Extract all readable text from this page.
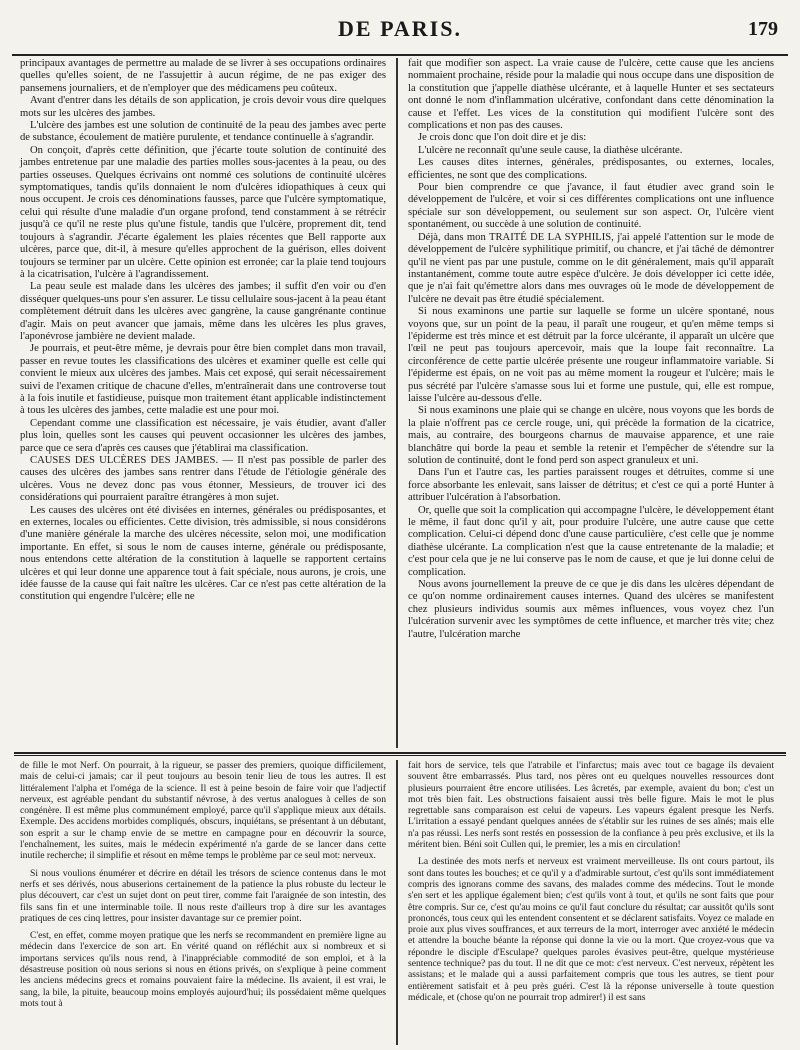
DE PARIS.	179

principaux avantages de permettre au malade de se livrer à ses occupations ordinaires quelles qu'elles soient, de ne l'assujettir à aucun régime, de ne pas exiger des pansemens journaliers, et de n'employer que des médicamens peu coûteux.

Avant d'entrer dans les détails de son application, je crois devoir vous dire quelques mots sur les ulcères des jambes.

L'ulcère des jambes est une solution de continuité de la peau des jambes avec perte de substance, écoulement de matière purulente, et tendance continuelle à s'agrandir.

On conçoit, d'après cette définition, que j'écarte toute solution de continuité des jambes entretenue par une maladie des parties molles sous-jacentes à la peau, ou des parties osseuses. Quelques écrivains ont nommé ces solutions de continuité ulcères symptomatiques, tandis qu'ils donnaient le nom d'ulcères idiopathiques à ceux qui nous occupent. Je crois ces dénominations fausses, parce que l'ulcère symptomatique, celui qui résulte d'une maladie d'un organe profond, tend constamment à se rétrécir jusqu'à ce qu'il ne reste plus qu'une fistule, tandis que l'ulcère, proprement dit, tend toujours à s'agrandir. J'écarte également les plaies récentes que Bell rapporte aux ulcères, parce que, dit-il, à mesure qu'elles approchent de la guérison, elles doivent toujours se terminer par un ulcère. Cette opinion est erronée; car la plaie tend toujours à la cicatrisation, l'ulcère à l'agrandissement.

La peau seule est malade dans les ulcères des jambes; il suffit d'en voir ou d'en disséquer quelques-uns pour s'en assurer. Le tissu cellulaire sous-jacent à la peau étant complètement détruit dans les ulcères avec gangrène, la cause gangrénante continue d'agir. Mais on peut avancer que jamais, même dans les ulcères les plus graves, l'aponévrose jambière ne devient malade.

Je pourrais, et peut-être même, je devrais pour être bien complet dans mon travail, passer en revue toutes les classifications des ulcères et examiner quelle est celle qui convient le mieux aux ulcères des jambes. Mais cet exposé, qui serait nécessairement suivi de l'examen critique de chacune d'elles, m'entraînerait dans une controverse tout à la fois inutile et fastidieuse, puisque mon traitement étant applicable indistinctement à tous les ulcères des jambes, cette maladie est une pour moi.

Cependant comme une classification est nécessaire, je vais étudier, avant d'aller plus loin, quelles sont les causes qui peuvent occasionner les ulcères des jambes, parce que ce sera d'après ces causes que j'établirai ma classification.

CAUSES DES ULCÈRES DES JAMBES. — Il n'est pas possible de parler des causes des ulcères des jambes sans rentrer dans l'étude de l'étiologie générale des ulcères. Vous ne devez donc pas vous étonner, Messieurs, de trouver ici des considérations qui pourraient paraître étrangères à mon sujet.

Les causes des ulcères ont été divisées en internes, générales ou prédisposantes, et en externes, locales ou efficientes. Cette division, très admissible, si nous considérons d'une manière générale la marche des ulcères nécessite, selon moi, une modification importante. En effet, si sous le nom de causes interne, générale ou prédisposante, nous entendons cette altération de la constitution à laquelle se rapportent certains ulcères et qui leur donne une apparence tout à fait spéciale, nous aurons, je crois, une idée fausse de la cause qui fait naître les ulcères. Car ce n'est pas cette altération de la constitution qui engendre l'ulcère; elle ne

fait que modifier son aspect. La vraie cause de l'ulcère, cette cause que les anciens nommaient prochaine, réside pour la maladie qui nous occupe dans une disposition de la constitution que j'appelle diathèse ulcérante, et à laquelle Hunter et ses sectateurs ont donné le nom d'inflammation ulcérative, confondant dans cette dénomination la cause et l'effet. Les vices de la constitution qui modifient l'ulcère sont des complications et non pas des causes.

Je crois donc que l'on doit dire et je dis:

L'ulcère ne reconnaît qu'une seule cause, la diathèse ulcérante.

Les causes dites internes, générales, prédisposantes, ou externes, locales, efficientes, ne sont que des complications.

Pour bien comprendre ce que j'avance, il faut étudier avec grand soin le développement de l'ulcère, et voir si ces différentes complications ont une influence spéciale sur son développement, ou seulement sur son aspect. Or, l'ulcère vient spontanément, ou succède à une solution de continuité.

Déjà, dans mon TRAITÉ DE LA SYPHILIS, j'ai appelé l'attention sur le mode de développement de l'ulcère syphilitique primitif, ou chancre, et j'ai tâché de démontrer qu'il ne vient pas par une pustule, comme on le dit généralement, mais qu'il apparaît instantanément, comme toute autre espèce d'ulcère. Je dois développer ici cette idée, que je n'ai fait qu'émettre alors dans mes ouvrages où le mode de développement de l'ulcère ne devait pas être étudié spécialement.

Si nous examinons une partie sur laquelle se forme un ulcère spontané, nous voyons que, sur un point de la peau, il paraît une rougeur, et qu'en même temps si l'épiderme est très mince et est détruit par la force ulcérante, il apparaît un ulcère que l'œil ne peut pas toujours apercevoir, mais que la loupe fait reconnaître. La circonférence de cette partie ulcérée présente une rougeur inflammatoire variable. Si l'épiderme est épais, on ne voit pas au même moment la rougeur et l'ulcère; mais le pus sécrété par l'ulcère s'amasse sous lui et forme une pustule, qui, elle est rompue, laisse l'ulcère au-dessous d'elle.

Si nous examinons une plaie qui se change en ulcère, nous voyons que les bords de la plaie n'offrent pas ce cercle rouge, uni, qui précède la formation de la cicatrice, mais, au contraire, des bourgeons charnus de mauvaise apparence, et une raie blanchâtre qui borde la peau et semble la retenir et l'empêcher de s'étendre sur la solution de continuité, dont le fond perd son aspect granuleux et uni.

Dans l'un et l'autre cas, les parties paraissent rouges et détruites, comme si une force absorbante les enlevait, sans laisser de détritus; et c'est ce qui a porté Hunter à attribuer l'ulcération à l'absorbation.

Or, quelle que soit la complication qui accompagne l'ulcère, le développement étant le même, il faut donc qu'il y ait, pour produire l'ulcère, une autre cause que cette complication. Celui-ci dépend donc d'une cause particulière, c'est celle que je nomme diathèse ulcérante. La complication n'est que la cause entretenante de la maladie; et c'est pour cela que je ne lui conserve pas le nom de cause, et que je lui donne celui de complication.

Nous avons journellement la preuve de ce que je dis dans les ulcères dépendant de ce qu'on nomme ordinairement causes internes. Quand des ulcères se manifestent chez plusieurs individus soumis aux mêmes influences, vous voyez chez l'un l'ulcération survenir avec les symptômes de cette influence, et marcher très vite; chez l'autre, l'ulcération marche

de fille le mot Nerf. On pourrait, à la rigueur, se passer des premiers, quoique difficilement, mais de celui-ci jamais; car il peut toujours au besoin tenir lieu de tous les autres. Il est littéralement l'alpha et l'oméga de la science. Il est à peine besoin de faire voir que l'adjectif nerveux, est agréable pendant du substantif névrose, à des vertus analogues à celles de son congénère. Il est même plus communément employé, parce qu'il s'applique mieux aux détails. Exemple. Des accidens morbides compliqués, obscurs, inquiétans, se présentant à un débutant, son esprit a sur le champ envie de se mettre en campagne pour en découvrir la source, l'enchaînement, les suites, mais le médecin expérimenté n'a garde de se lancer dans cette inutile recherche; il simplifie et résout en même temps le problème par ce seul mot: nerveux.

Si nous voulions énumérer et décrire en détail les trésors de science contenus dans le mot nerfs et ses dérivés, nous abuserions certainement de la patience la plus robuste du lecteur le plus découvert, car c'est un sujet dont on peut tirer, comme fait l'araignée de son intestin, des fils sans fin et une interminable toile. Il nous reste d'ailleurs trop à dire sur les avantages pratiques de ces cinq lettres, pour insister davantage sur ce premier point.

C'est, en effet, comme moyen pratique que les nerfs se recommandent en première ligne au médecin dans l'exercice de son art. En vérité quand on réfléchit aux si nombreux et si importans services qu'ils nous rend, à l'inappréciable commodité de son emploi, et à la désastreuse position où nous serions si nous en étions privés, on s'explique à peine comment les anciens médecins grecs et romains pouvaient faire la médecine. Ils avaient, il est vrai, le sang, la bile, la pituite, beaucoup moins employés aujourd'hui; ils possédaient même quelques mots tout à

fait hors de service, tels que l'atrabile et l'infarctus; mais avec tout ce bagage ils devaient souvent être embarrassés. Plus tard, nos pères ont eu quelques nouvelles ressources dont plusieurs pourraient être encore utilisées. Les âcretés, par exemple, avaient du bon; c'est un mot très bien fait. Les obstructions faisaient aussi très belle figure. Mais le mot le plus regrettable sans comparaison est celui de vapeurs. Les vapeurs égalent presque les Nerfs. L'irritation a essayé pendant quelques années de s'établir sur les ruines de ses aînés; mais elle n'a pas réussi. Les nerfs sont restés en possession de la confiance à peu près exclusive, et ils la méritent bien. Béni soit Cullen qui, le premier, les a mis en circulation!

La destinée des mots nerfs et nerveux est vraiment merveilleuse. Ils ont cours partout, ils sont dans toutes les bouches; et ce qu'il y a d'admirable surtout, c'est qu'ils sont immédiatement compris des ignorans comme des savans, des malades comme des médecins. Tout le monde s'en sert et les applique également bien; c'est qu'ils vont à tout, et qu'ils ne sont faits que pour être compris. Sur ce, c'est qu'au moins ce qu'il faut conclure du résultat; car aussitôt qu'ils sont prononcés, tous ceux qui les entendent consentent et se déclarent satisfaits. Voyez ce malade en proie aux plus vives souffrances, et aux terreurs de la mort, interroger avec anxiété le médecin et attendre la bouche béante la réponse qui donne la vie ou la mort. Que croyez-vous que va répondre le disciple d'Esculape? quelques paroles évasives peut-être, quelque mystérieuse sentence technique? pas du tout. Il ne dit que ce mot: c'est nerveux. C'est nerveux, répètent les assistans; et le malade qui a aussi parfaitement compris que tous les autres, se tient pour entièrement satisfait et à peu près guéri. C'est là la réponse universelle à toute question médicale, et (chose qu'on ne pourrait trop admirer!) il est sans
